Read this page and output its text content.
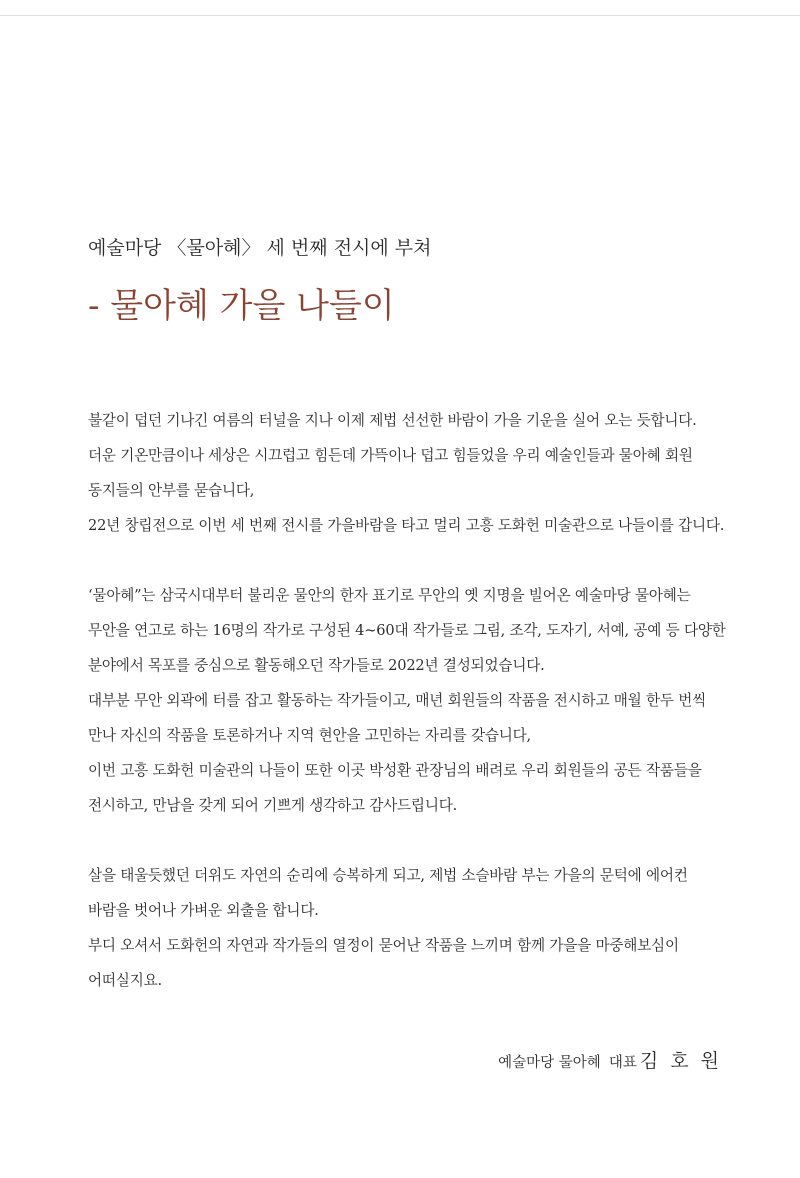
예술마당 〈물아혜〉 세 번째 전시에 부쳐
- 물아혜 가을 나들이
불같이 덥던 기나긴 여름의 터널을 지나 이제 제법 선선한 바람이 가을 기운을 실어 오는 듯합니다.
더운 기온만큼이나 세상은 시끄럽고 힘든데 가뜩이나 덥고 힘들었을 우리 예술인들과 물아혜 회원
동지들의 안부를 묻습니다,
22년 창립전으로 이번 세 번째 전시를 가을바람을 타고 멀리 고흥 도화헌 미술관으로 나들이를 갑니다.
‘물아혜”는 삼국시대부터 불리운 물안의 한자 표기로 무안의 옛 지명을 빌어온 예술마당 물아혜는
무안을 연고로 하는 16명의 작가로 구성된 4~60대 작가들로 그림, 조각, 도자기, 서예, 공예 등 다양한
분야에서 목포를 중심으로 활동해오던 작가들로 2022년 결성되었습니다.
대부분 무안 외곽에 터를 잡고 활동하는 작가들이고, 매년 회원들의 작품을 전시하고 매월 한두 번씩
만나 자신의 작품을 토론하거나 지역 현안을 고민하는 자리를 갖습니다,
이번 고흥 도화헌 미술관의 나들이 또한 이곳 박성환 관장님의 배려로 우리 회원들의 공든 작품들을
전시하고, 만남을 갖게 되어 기쁘게 생각하고 감사드립니다.
살을 태울듯했던 더위도 자연의 순리에 승복하게 되고, 제법 소슬바람 부는 가을의 문턱에 에어컨
바람을 벗어나 가벼운 외출을 합니다.
부디 오셔서 도화헌의 자연과 작가들의 열정이 묻어난 작품을 느끼며 함께 가을을 마중해보심이
어떠실지요.
예술마당 물아혜 대표 김 호 원
